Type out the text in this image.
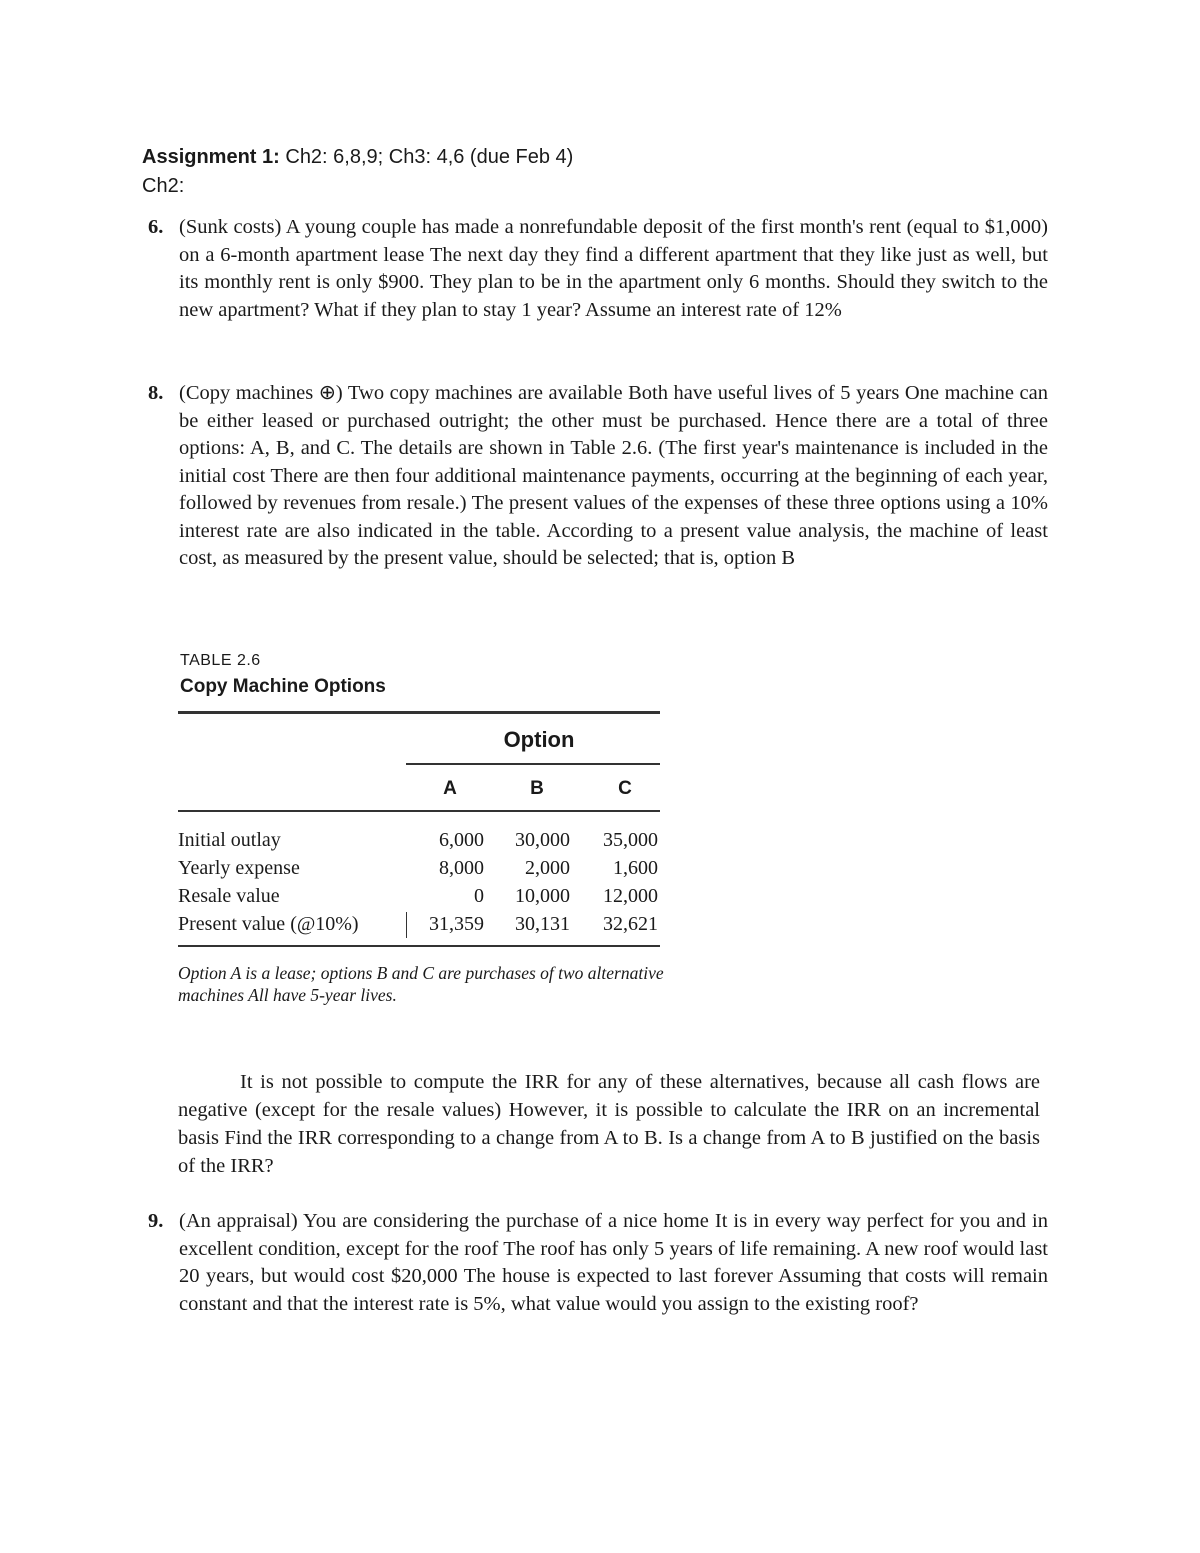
Assignment 1: Ch2: 6,8,9; Ch3: 4,6 (due Feb 4)
Ch2:
6. (Sunk costs) A young couple has made a nonrefundable deposit of the first month's rent (equal to $1,000) on a 6-month apartment lease The next day they find a different apartment that they like just as well, but its monthly rent is only $900. They plan to be in the apartment only 6 months. Should they switch to the new apartment? What if they plan to stay 1 year? Assume an interest rate of 12%
8. (Copy machines ⊕) Two copy machines are available Both have useful lives of 5 years One machine can be either leased or purchased outright; the other must be purchased. Hence there are a total of three options: A, B, and C. The details are shown in Table 2.6. (The first year's maintenance is included in the initial cost There are then four additional maintenance payments, occurring at the beginning of each year, followed by revenues from resale.) The present values of the expenses of these three options using a 10% interest rate are also indicated in the table. According to a present value analysis, the machine of least cost, as measured by the present value, should be selected; that is, option B
TABLE 2.6
Copy Machine Options
Option
A	B	C
Initial outlay	6,000 30,000 35,000
Yearly expense	8,000 2,000 1,600
Resale value	0 10,000 12,000
Present value (@10%)	31,359 30,131 32,621
Option A is a lease; options B and C are purchases of two alternative machines All have 5-year lives.
It is not possible to compute the IRR for any of these alternatives, because all cash flows are negative (except for the resale values) However, it is possible to calculate the IRR on an incremental basis Find the IRR corresponding to a change from A to B. Is a change from A to B justified on the basis of the IRR?
9. (An appraisal) You are considering the purchase of a nice home It is in every way perfect for you and in excellent condition, except for the roof The roof has only 5 years of life remaining. A new roof would last 20 years, but would cost $20,000 The house is expected to last forever Assuming that costs will remain constant and that the interest rate is 5%, what value would you assign to the existing roof?
